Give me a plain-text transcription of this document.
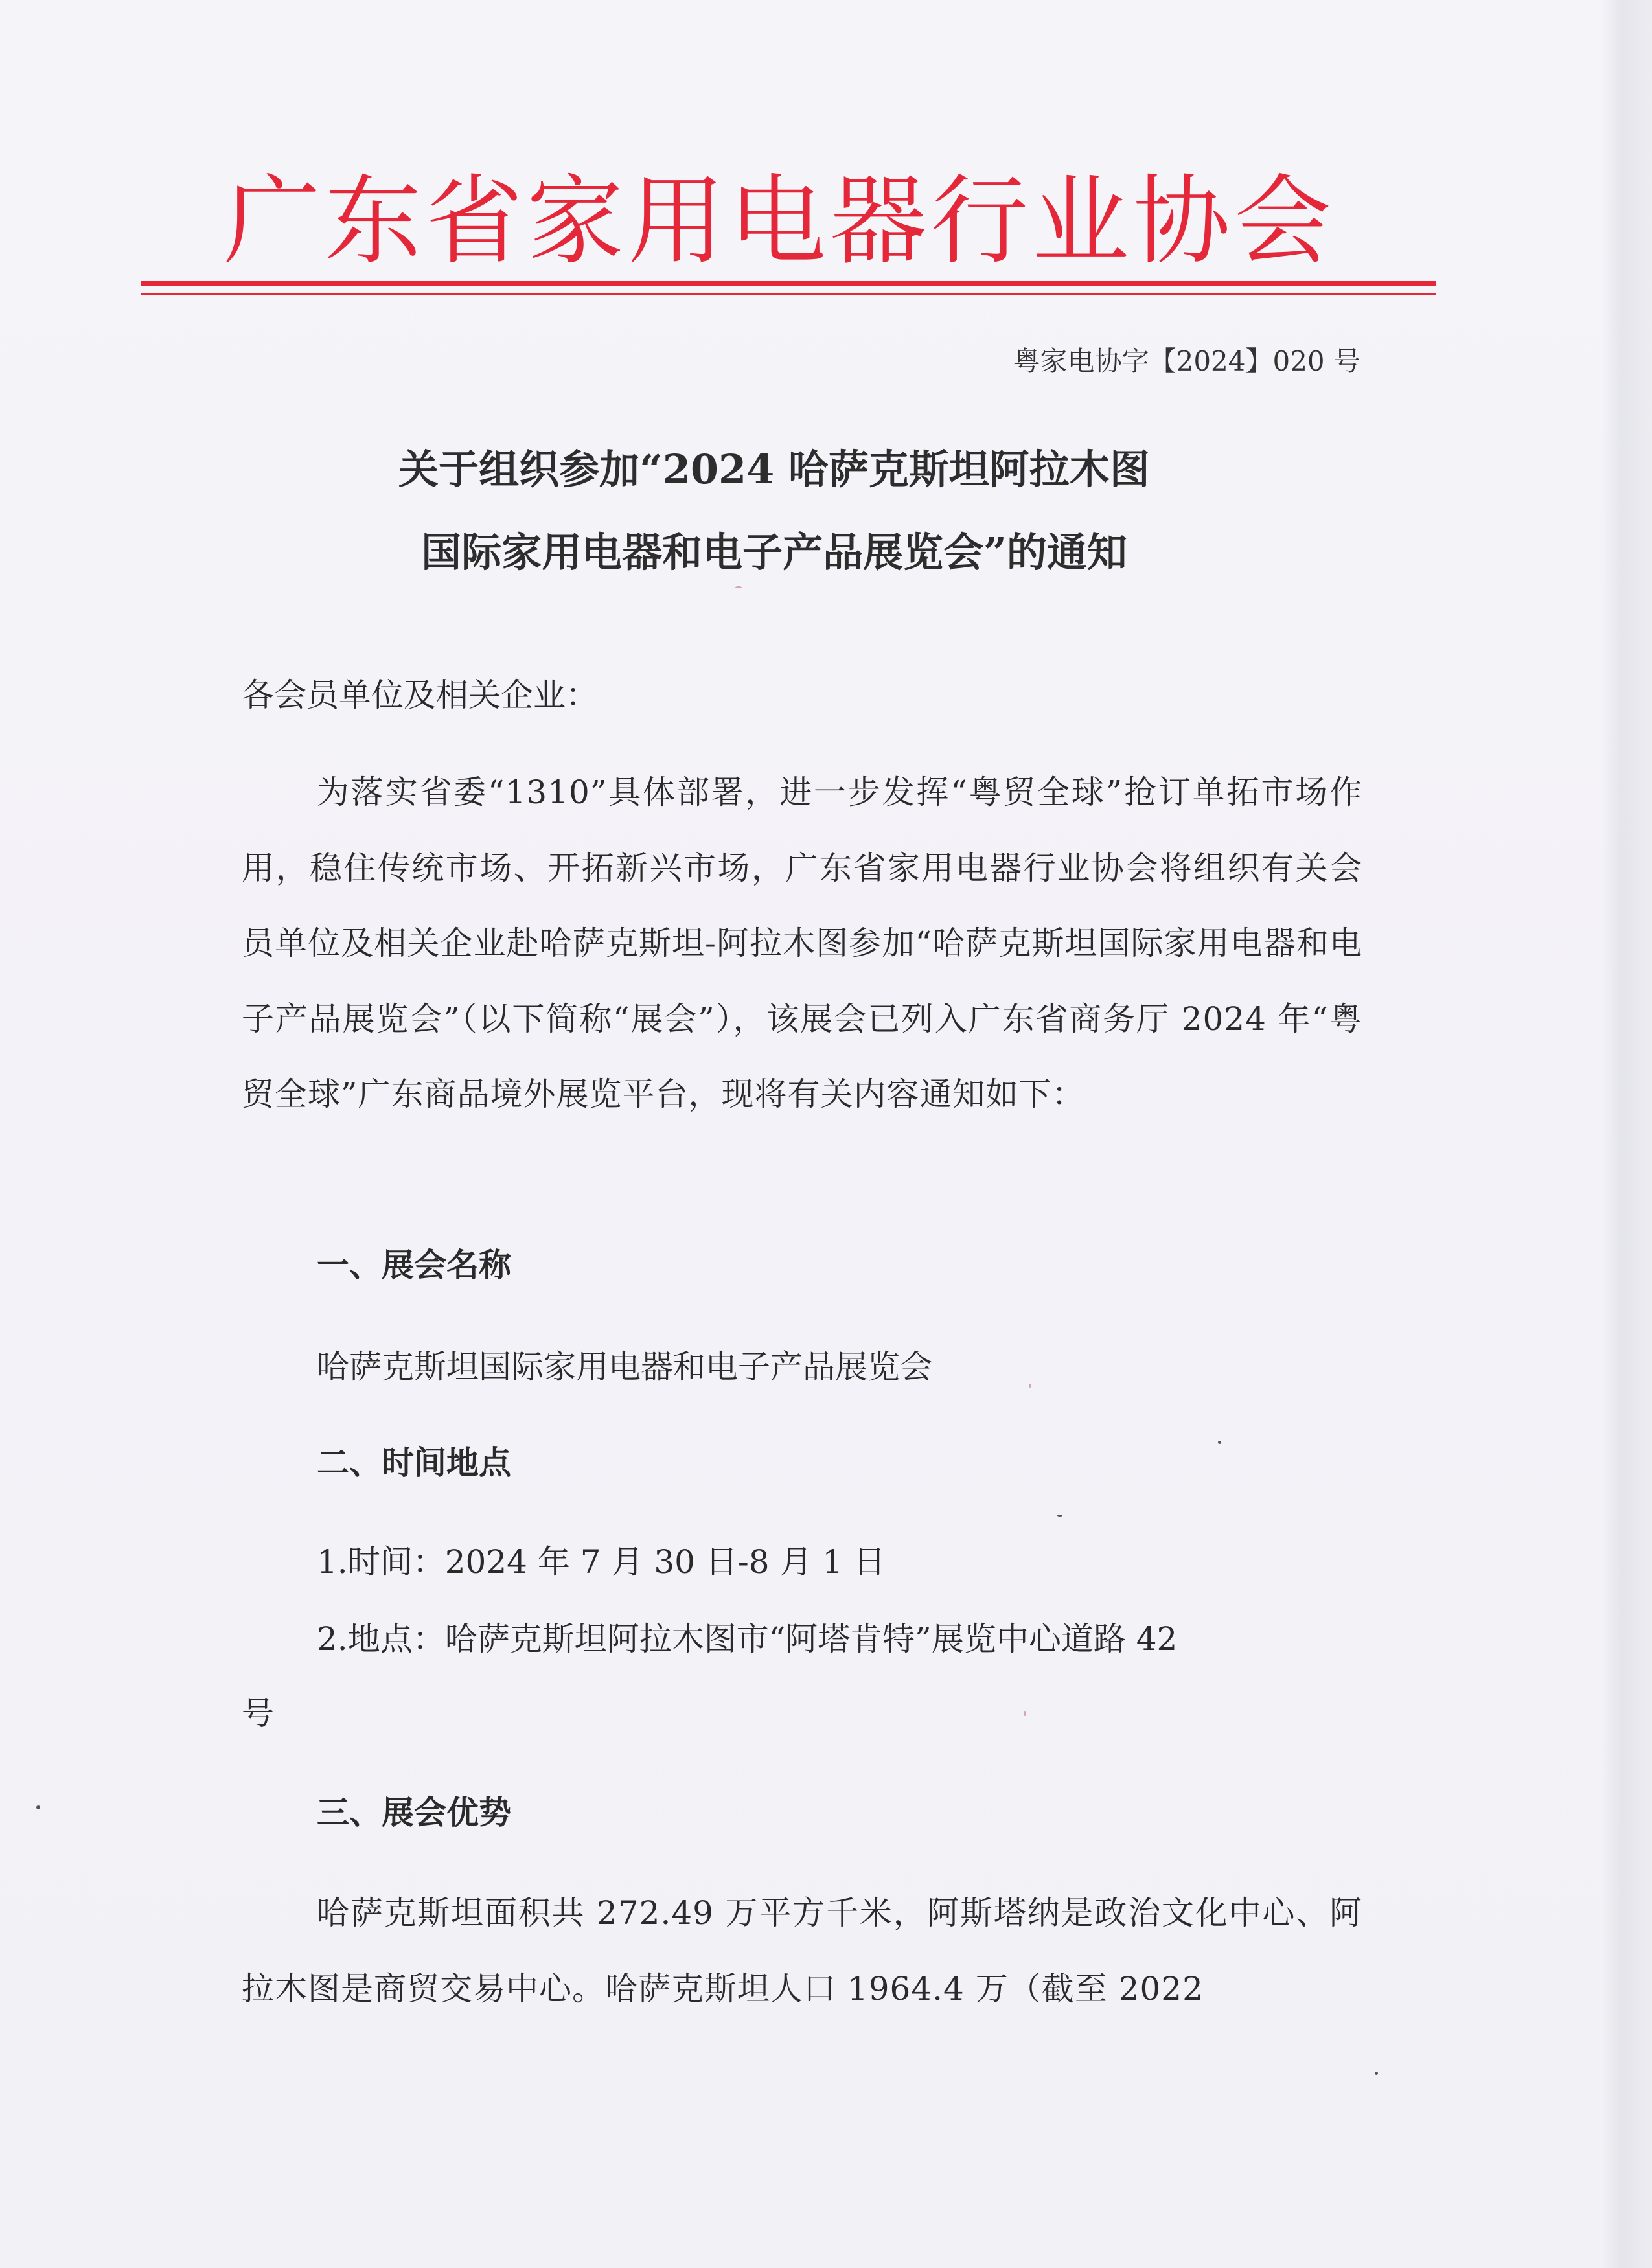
广东省家用电器行业协会
粤家电协字【2024】020 号
关于组织参加“2024 哈萨克斯坦阿拉木图
国际家用电器和电子产品展览会”的通知
各会员单位及相关企业：
为落实省委“1310”具体部署，进一步发挥“粤贸全球”抢订单拓市场作用，稳住传统市场、开拓新兴市场，广东省家用电器行业协会将组织有关会员单位及相关企业赴哈萨克斯坦-阿拉木图参加“哈萨克斯坦国际家用电器和电子产品展览会”（以下简称“展会”），该展会已列入广东省商务厅 2024 年“粤贸全球”广东商品境外展览平台，现将有关内容通知如下：
一、展会名称
哈萨克斯坦国际家用电器和电子产品展览会
二、时间地点
1.时间：2024 年 7 月 30 日-8 月 1 日
2.地点：哈萨克斯坦阿拉木图市“阿塔肯特”展览中心道路 42
号
三、展会优势
哈萨克斯坦面积共 272.49 万平方千米，阿斯塔纳是政治文化中心、阿拉木图是商贸交易中心。哈萨克斯坦人口 1964.4 万（截至 2022
